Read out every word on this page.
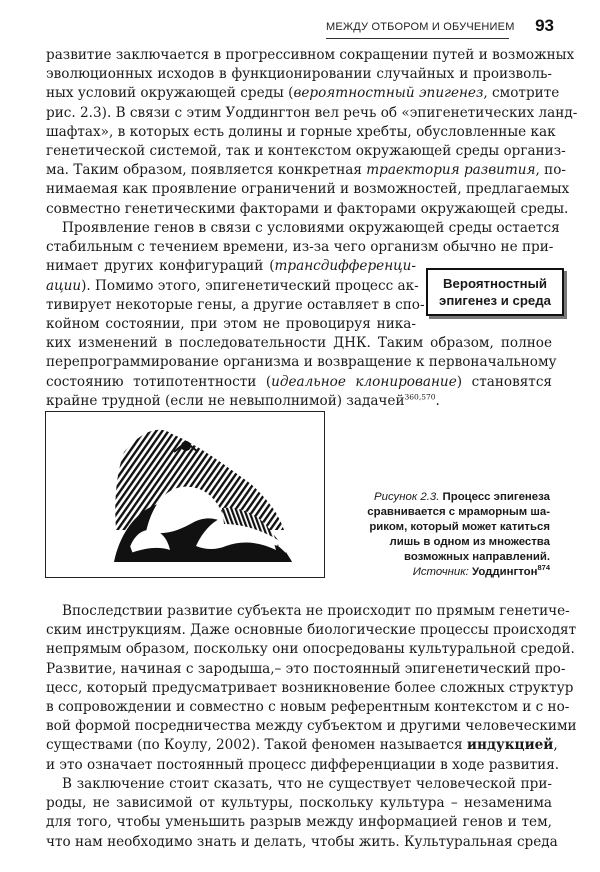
МЕЖДУ ОТБОРОМ И ОБУЧЕНИЕМ 93
развитие заключается в прогрессивном сокращении путей и возможных
эволюционных исходов в функционировании случайных и произволь-
ных условий окружающей среды (вероятностный эпигенез, смотрите
рис. 2.3). В связи с этим Уоддингтон вел речь об «эпигенетических ланд-
шафтах», в которых есть долины и горные хребты, обусловленные как
генетической системой, так и контекстом окружающей среды организ-
ма. Таким образом, появляется конкретная траектория развития, по-
нимаемая как проявление ограничений и возможностей, предлагаемых
совместно генетическими факторами и факторами окружающей среды.
Проявление генов в связи с условиями окружающей среды остается
стабильным с течением времени, из-за чего организм обычно не при-
нимает других конфигураций (трансдифференци-
ации). Помимо этого, эпигенетический процесс ак-
тивирует некоторые гены, а другие оставляет в спо-
койном состоянии, при этом не провоцируя ника-
ких изменений в последовательности ДНК. Таким образом, полное
перепрограммирование организма и возвращение к первоначальному
состоянию тотипотентности (идеальное клонирование) становятся
крайне трудной (если не невыполнимой) задачей$^{360,570}$.
Вероятностный
эпигенез и среда
Рисунок 2.3. Процесс эпигенеза
сравнивается с мраморным ша-
риком, который может катиться
лишь в одном из множества
возможных направлений.
Источник: Уоддингтон$^{874}$
Впоследствии развитие субъекта не происходит по прямым генетиче-
ским инструкциям. Даже основные биологические процессы происходят
непрямым образом, поскольку они опосредованы культуральной средой.
Развитие, начиная с зародыша,– это постоянный эпигенетический про-
цесс, который предусматривает возникновение более сложных структур
в сопровождении и совместно с новым референтным контекстом и с но-
вой формой посредничества между субъектом и другими человеческими
существами (по Коулу, 2002). Такой феномен называется индукцией,
и это означает постоянный процесс дифференциации в ходе развития.
В заключение стоит сказать, что не существует человеческой при-
роды, не зависимой от культуры, поскольку культура – незаменима
для того, чтобы уменьшить разрыв между информацией генов и тем,
что нам необходимо знать и делать, чтобы жить. Культуральная среда
